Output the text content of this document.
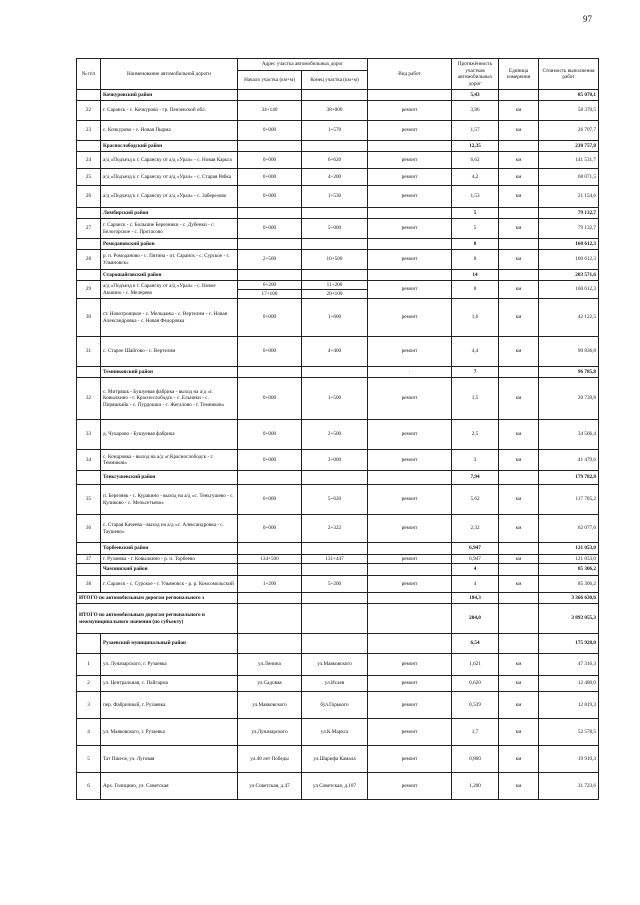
97
№ п/п	Наименование автомобильной дороги	Адрес участка автомобильных дорог		Вид работ	Протяжённость участков автомобильных дорог	Единица измерения	Стоимость выполнения работ
		Начало участка (км+м)	Конец участка (км+м)				
	Кочкуровский район				5,43		85 078,1
22	г. Саранск - с. Кочкурово - гр. Пензенской обл.	34+140	38+000	ремонт	3,86	км	58 370,5
23	с. Кочкурово - с. Новая Пырма	0+000	1+570	ремонт	1,57	км	26 707,7
	Краснослободский район				12,35		230 757,8
24	а/д «Подъезд к г. Саранску от а/д «Урал» - с. Новая Карьга	0+000	6+620	ремонт	6,62	км	141 531,7
25	а/д «Подъезд к г. Саранску от а/д «Урал» - с. Старая Рябка	0+000	4+200	ремонт	4,2	км	68 071,5
26	а/д «Подъезд к г. Саранску от а/д «Урал» - с. Заберезово	0+000	1+530	ремонт	1,53	км	21 154,6
	Лямбирский район				5		79 132,7
27	г. Саранск - с. Большие Березники - с. Дубенки - с. Белогорское - с. Протасово	0+000	5+000	ремонт	5	км	79 132,7
	Ромодановский район				8		160 612,3
28	р. п. Ромоданово - с. Пятина - от. Саранск - с. Сурское - г. Ульяновск»	2+500	10+500	ремонт	8	км	160 612,3
	Старошайговский район				14		203 571,6
29	а/д «Подъезд к г. Саранску от а/д «Урал» - с. Новое Акшино - с. Мелерево	6+200	11+200	ремонт	8	км	160 612,3
		17+100	20+100				
30	ст. Новотроицкое - с. Мельцаны - с. Вертелим - с. Новая Александровка - с. Новая Федоровка	0+000	1+600	ремонт	1,6	км	42 122,5
31	с. Старое Шайгово - с. Вертелим	0+000	4+400	ремонт	4,4	км	90 836,8
	Темниковский район			·	7		96 785,8
32	с. Митряшь - Бушуевая фабрика - выход на а/д «г. Ковылкино - г. Краснослободск - с. Ельники - с. Пиряшкайк - с. Пурдошки - с. Жегалово - г. Темников»	0+000	1+500	ремонт	1,5	км	20 739,8
33	д. Чукарово - Бушуевая фабрика	0+000	2+500	ремонт	2,5	км	34 566,4
34	с. Кондровка - выход на а/д «г.Краснослободск - г. Темников»	0+000	3+000	ремонт	3	км	41 479,6
	Теньгушевский район				7,94		179 782,8
35	п. Березняк - с. Куракино - выход на а/д «с. Теньгушево - с. Куликово - с. Мельсетьево»	0+000	5+620	ремонт	5,62	км	117 705,2
36	с. Старая Качеева - выход на а/д «с. Александровка - с. Таушево»	0+000	2+322	ремонт	2,32	км	62 077,6
	Торбеевский район				6,947		121 053,0
37	г. Рузаевка - г. Ковылкино - р. п. Торбеево	134+500	131+447	ремонт	6,947	км	121 053,0
	Чамзинский район				4		85 306,2
38	г. Саранск - с. Сурское - г. Ульяновск - р. р. Комсомольский	1+200	5+200	ремонт	4	км	85 306,2
ИТОГО по автомобильным дорогам регионального з					184,3		3 366 630,6
ИТОГО по автомобильным дорогам регионального и межмуниципального значения (по субъекту)					204,0		3 893 055,3
	Рузаевский муниципальный район				6,54		175 928,0
1	ул. Луначарского, г. Рузаевка	ул.Ленина	ул.Маяковского	ремонт	1,621	км	47 316,3
2	ул. Центральная, с. Пайгарма	ул.Садовая	ул.Исаев	ремонт	0,620	км	12 480,0
3	пер. Фабричный, г. Рузаевка	ул.Маяковского	бул.Горького	ремонт	0,539	км	12 819,3
4	ул. Маяковского, г. Рузаевка	ул.Луначарского	ул.К.Маркса	ремонт	1,7	км	52 578,5
5	Тат Пшеся, ул. Луговая	ул.40 лет Победы	ул.Шарифа Камала	ремонт	0,860	км	19 910,3
6	Арх. Голицино, ул. Советская	ул.Советская, д.47	ул.Советская, д.107	ремонт	1,200	км	31 723,6
